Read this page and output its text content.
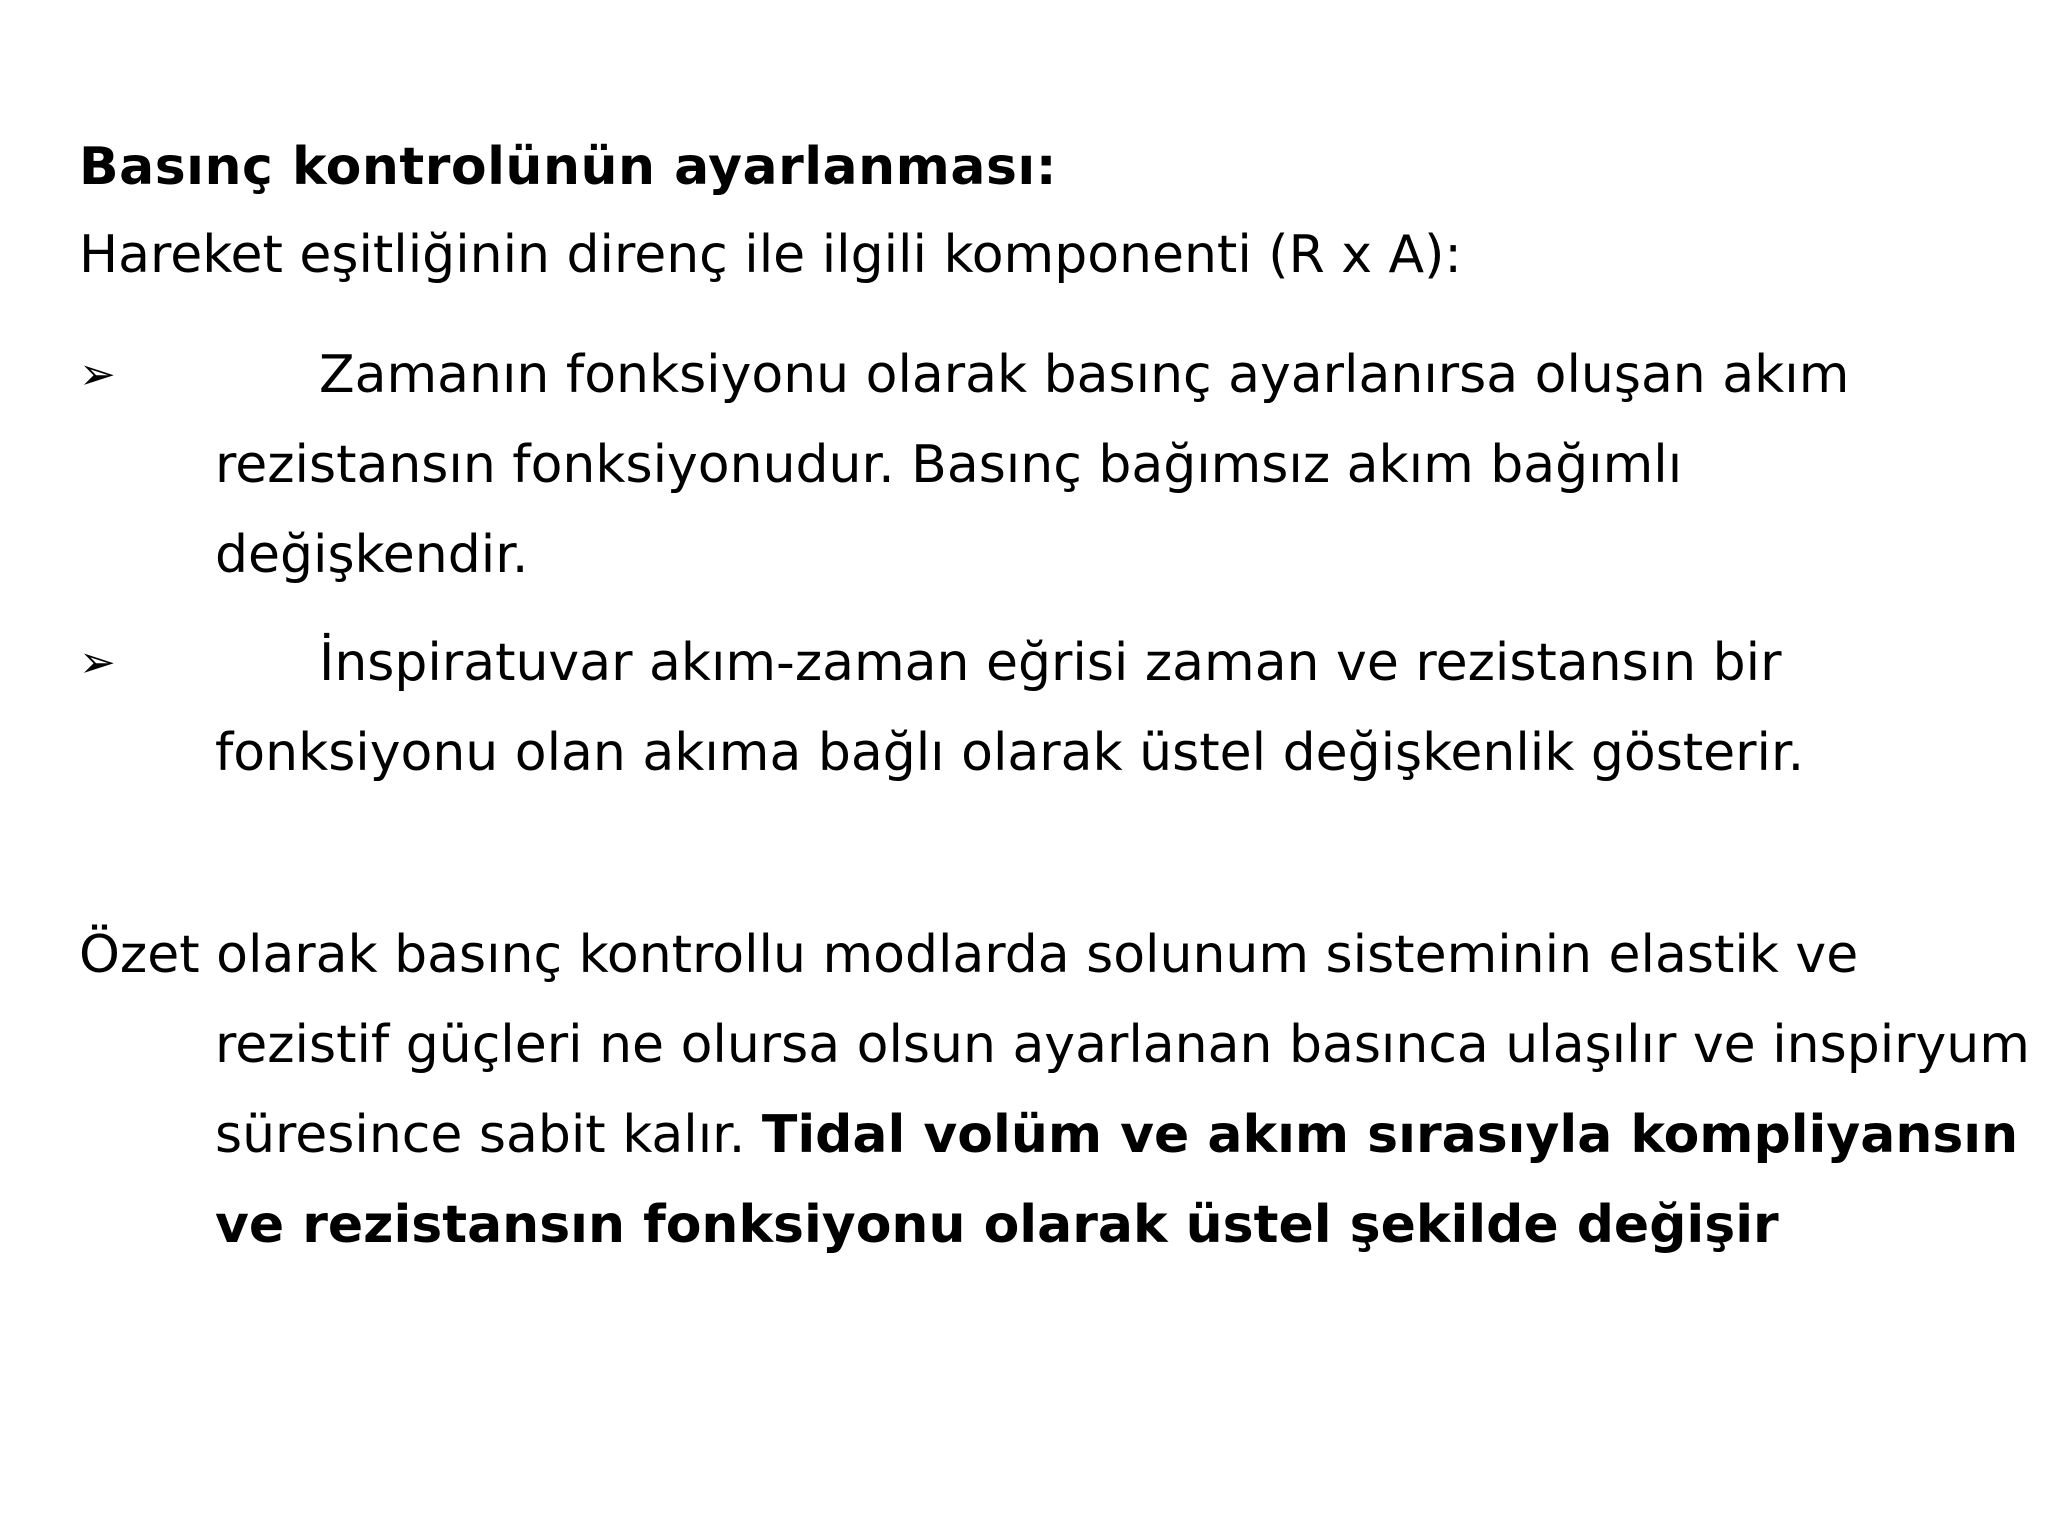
Basınç kontrolünün ayarlanması:
Hareket eşitliğinin direnç ile ilgili komponenti (R x A):
➢	Zamanın fonksiyonu olarak basınç ayarlanırsa oluşan akım rezistansın fonksiyonudur. Basınç bağımsız akım bağımlı değişkendir.
➢	İnspiratuvar akım-zaman eğrisi zaman ve rezistansın bir fonksiyonu olan akıma bağlı olarak üstel değişkenlik gösterir.
Özet olarak basınç kontrollu modlarda solunum sisteminin elastik ve rezistif güçleri ne olursa olsun ayarlanan basınca ulaşılır ve inspiryum süresince sabit kalır. Tidal volüm ve akım sırasıyla kompliyansın ve rezistansın fonksiyonu olarak üstel şekilde değişir
